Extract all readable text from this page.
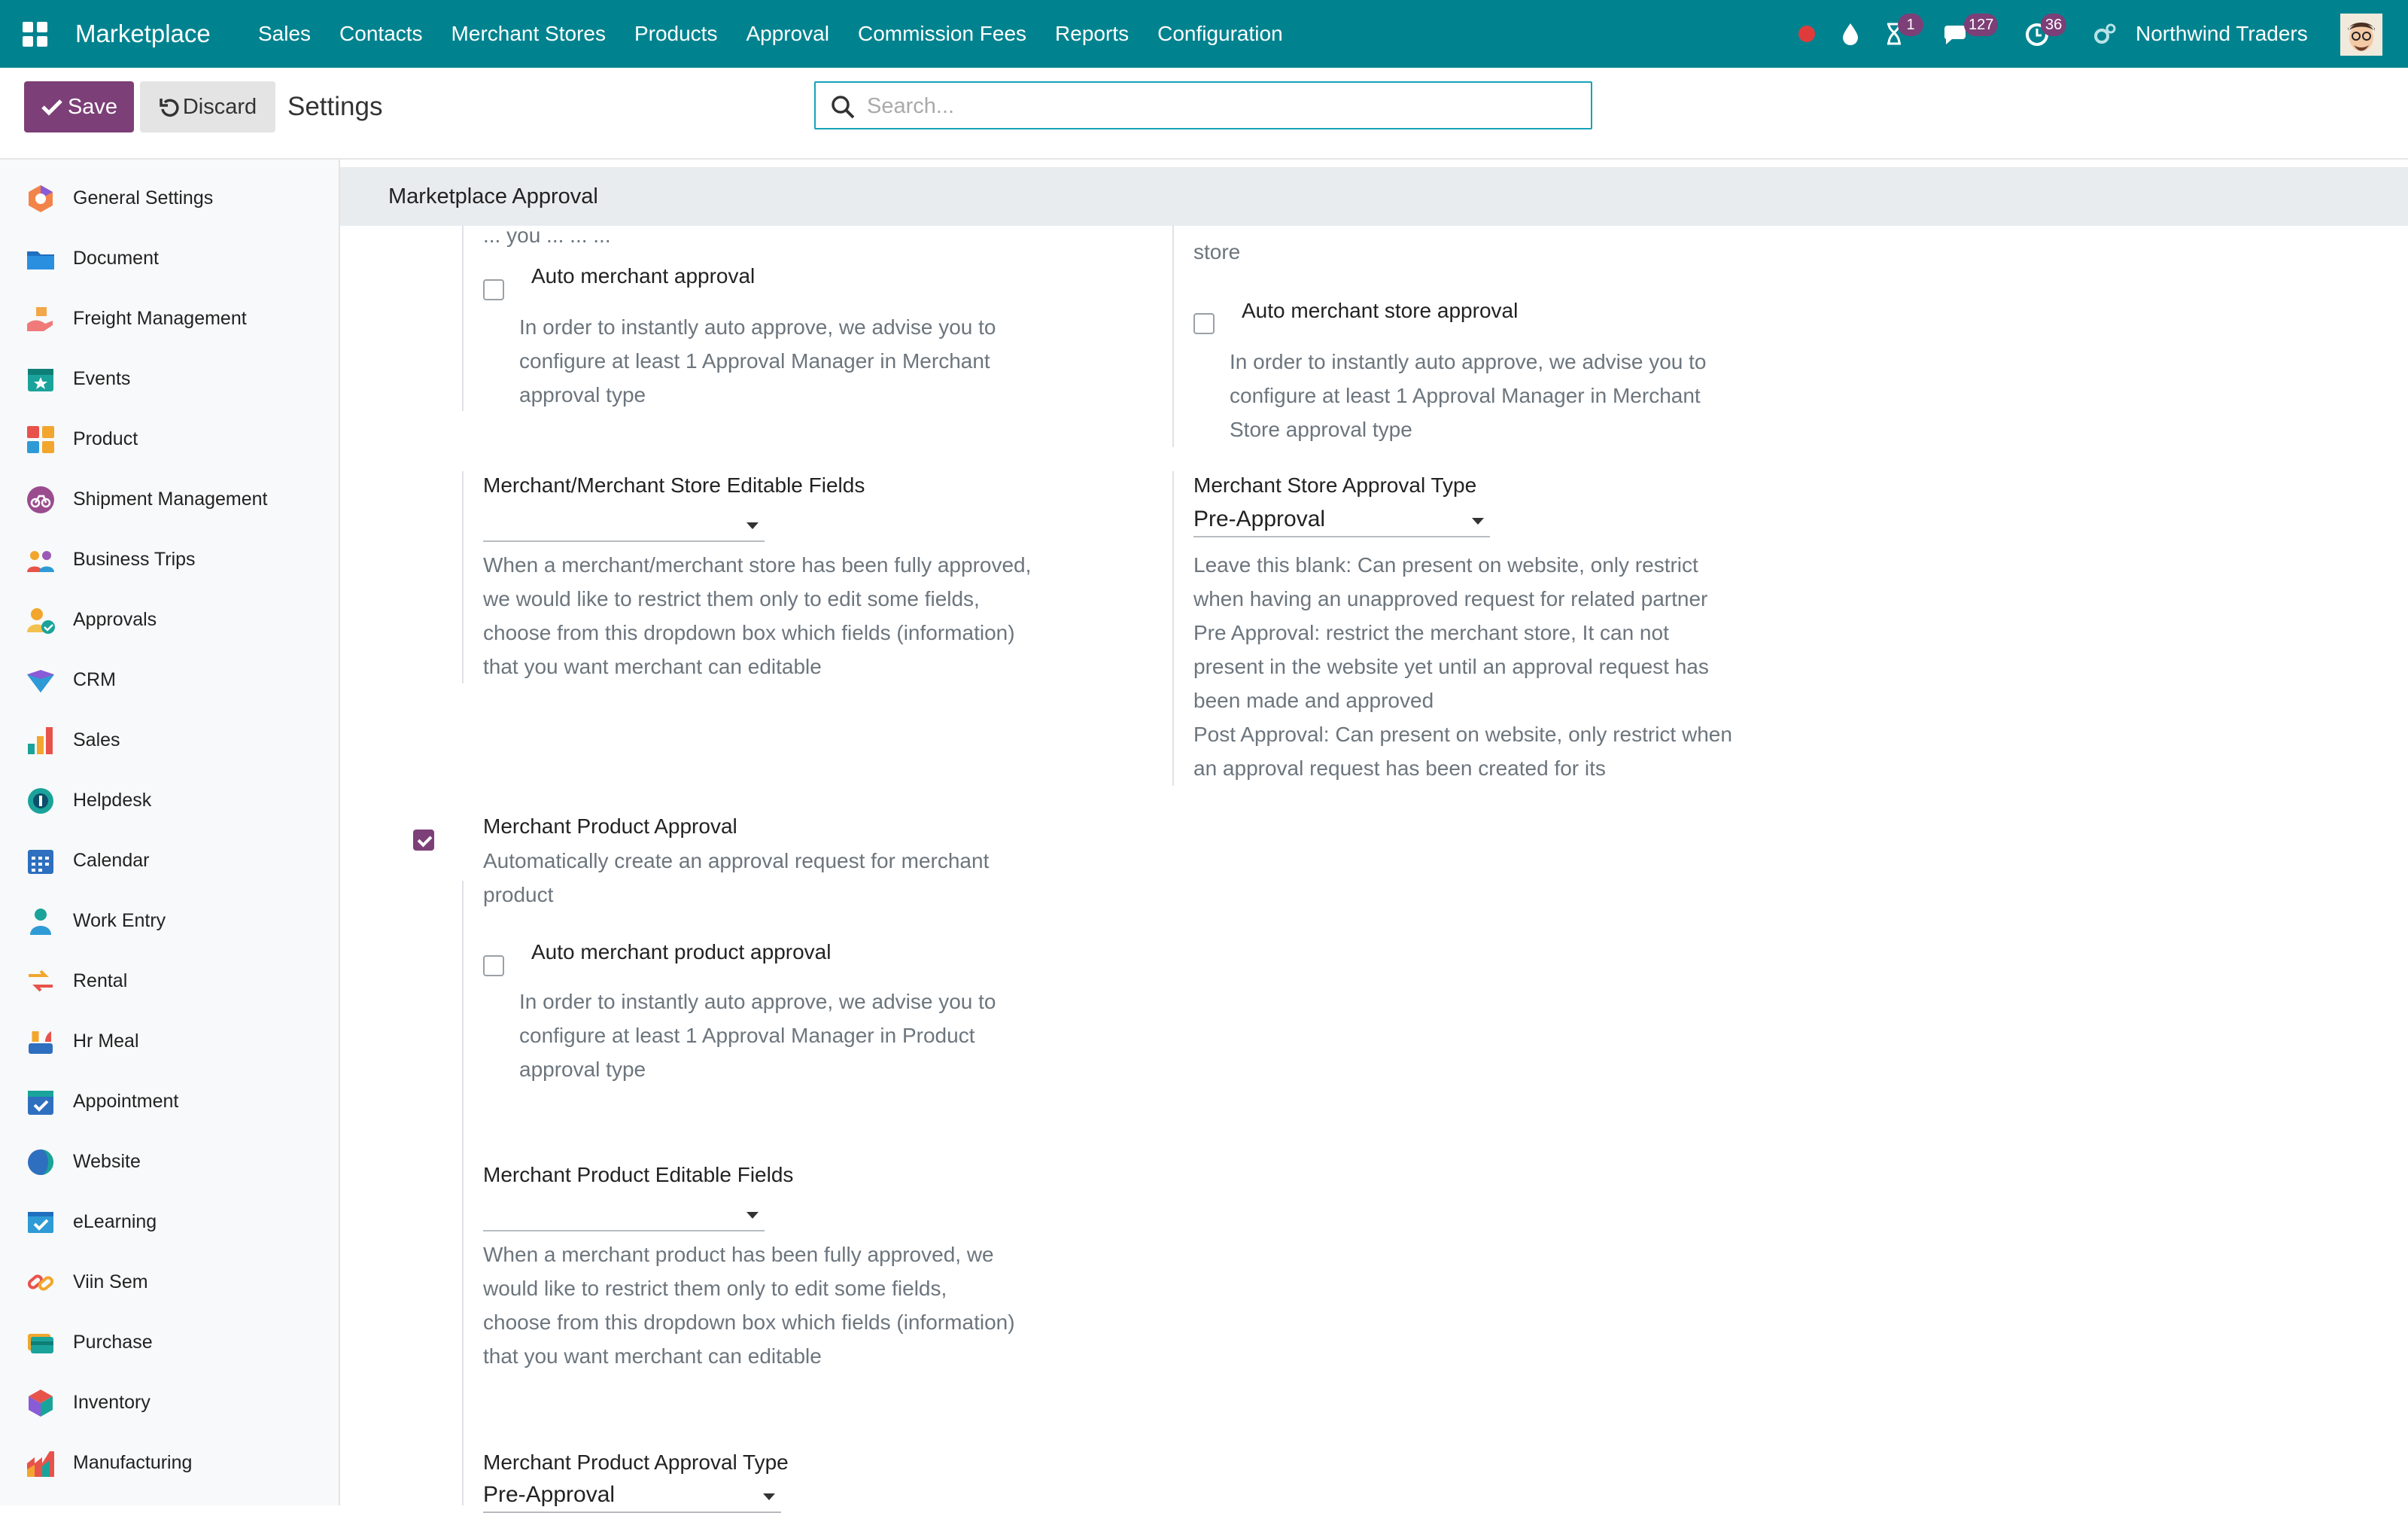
Marketplace Sales Contacts Merchant Stores Products Approval Commission Fees Reports Configuration	1	127	36	Northwind Traders
Save	Discard	Settings
Search...
General Settings
Document
Freight Management
Events
Product
Shipment Management
Business Trips
Approvals
CRM
Sales
Helpdesk
Calendar
Work Entry
Rental
Hr Meal
Appointment
Website
eLearning
Viin Sem
Purchase
Inventory
Manufacturing
Marketplace Approval
... you ... ... ...
store
Auto merchant approval
In order to instantly auto approve, we advise you to
configure at least 1 Approval Manager in Merchant
approval type
Auto merchant store approval
In order to instantly auto approve, we advise you to
configure at least 1 Approval Manager in Merchant
Store approval type
Merchant/Merchant Store Editable Fields
When a merchant/merchant store has been fully approved,
we would like to restrict them only to edit some fields,
choose from this dropdown box which fields (information)
that you want merchant can editable
Merchant Store Approval Type
Pre-Approval
Leave this blank: Can present on website, only restrict
when having an unapproved request for related partner
Pre Approval: restrict the merchant store, It can not
present in the website yet until an approval request has
been made and approved
Post Approval: Can present on website, only restrict when
an approval request has been created for its
Merchant Product Approval
Automatically create an approval request for merchant
product
Auto merchant product approval
In order to instantly auto approve, we advise you to
configure at least 1 Approval Manager in Product
approval type
Merchant Product Editable Fields
When a merchant product has been fully approved, we
would like to restrict them only to edit some fields,
choose from this dropdown box which fields (information)
that you want merchant can editable
Merchant Product Approval Type
Pre-Approval
